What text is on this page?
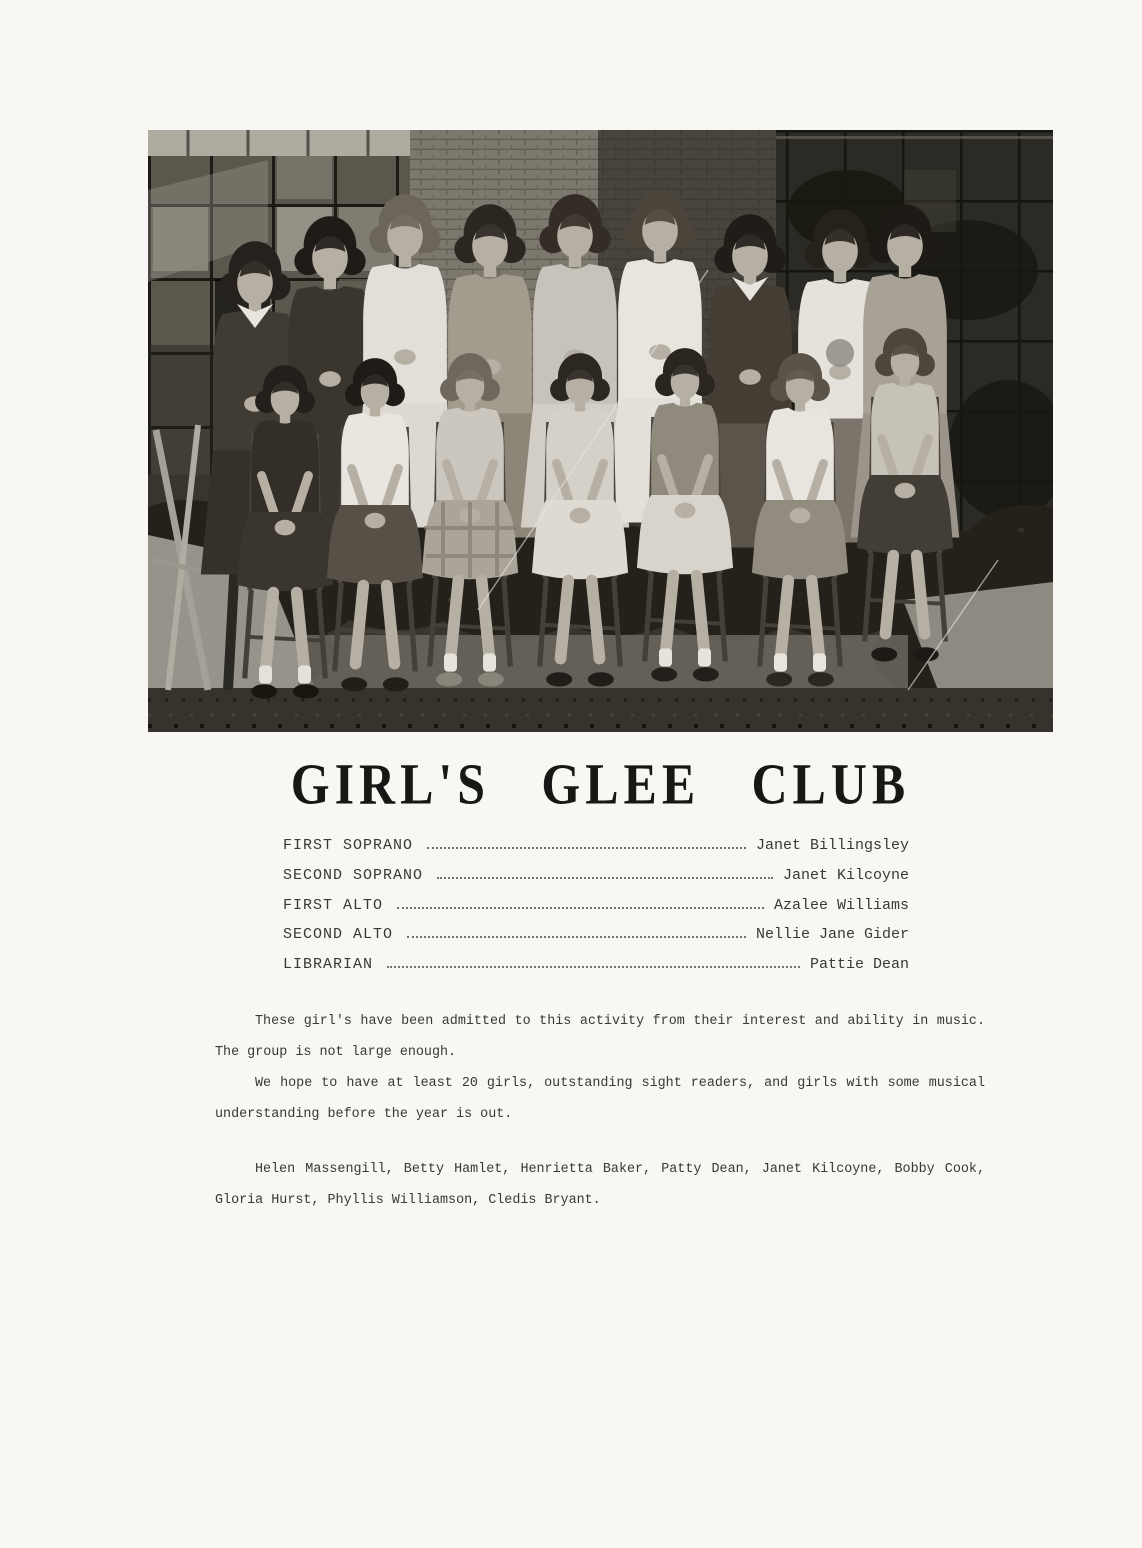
GIRL'S GLEE CLUB
FIRST SOPRANO	Janet Billingsley
SECOND SOPRANO	Janet Kilcoyne
FIRST ALTO	Azalee Williams
SECOND ALTO	Nellie Jane Gider
LIBRARIAN	Pattie Dean

These girl's have been admitted to this activity from their interest and ability in music. The group is not large enough.

We hope to have at least 20 girls, outstanding sight readers, and girls with some musical understanding before the year is out.

Helen Massengill, Betty Hamlet, Henrietta Baker, Patty Dean, Janet Kilcoyne, Bobby Cook, Gloria Hurst, Phyllis Williamson, Cledis Bryant.
